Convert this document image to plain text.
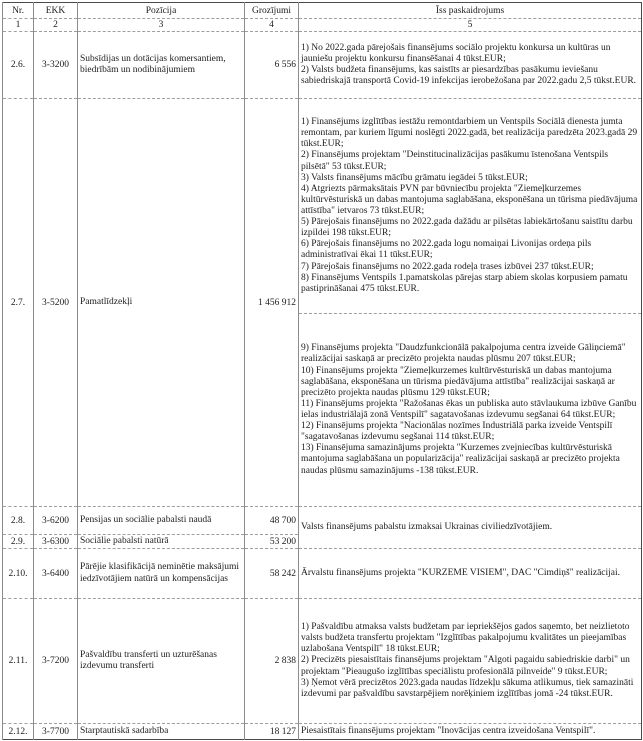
Nr.	EKK	Pozīcija	Grozījumi	Īss paskaidrojums
1	2	3	4	5
2.6.	3-3200	Subsīdijas un dotācijas komersantiem, biedrībām un nodibinājumiem	6 556	1) No 2022.gada pārejošais finansējums sociālo projektu konkursa un kultūras un jauniešu projektu konkursu finansēšanai 4 tūkst.EUR;
2) Valsts budžeta finansējums, kas saistīts ar piesardzības pasākumu ieviešanu sabiedriskajā transportā Covid-19 infekcijas ierobežošana par 2022.gadu 2,5 tūkst.EUR.

2.7.	3-5200	Pamatlīdzekļi	1 456 912	
1) Finansējums izglītības iestāžu remontdarbiem un Ventspils Sociālā dienesta jumta remontam, par kuriem līgumi noslēgti 2022.gadā, bet realizācija paredzēta 2023.gadā 29 tūkst.EUR;
2) Finansējums projektam "Deinstitucinalizācijas pasākumu īstenošana Ventspils pilsētā" 53 tūkst.EUR;
3) Valsts finansējums mācību grāmatu iegādei 5 tūkst.EUR;
4) Atgriezts pārmaksātais PVN par būvniecību projekta "Ziemeļkurzemes kultūrvēsturiskā un dabas mantojuma saglabāšana, eksponēšana un tūrisma piedāvājuma attīstība" ietvaros 73 tūkst.EUR;
5) Pārejošais finansējums no 2022.gada dažādu ar pilsētas labiekārtošanu saistītu darbu izpildei 198 tūkst.EUR;
6) Pārejošais finansējums no 2022.gada logu nomaiņai Livonijas ordeņa pils administratīvai ēkai 11 tūkst.EUR;
7) Pārejošais finansējums no 2022.gada rodeļa trases izbūvei 237 tūkst.EUR;
8) Finansējums Ventspils 1.pamatskolas pārejas starp abiem skolas korpusiem pamatu pastiprināšanai 475 tūkst.EUR.

				9) Finansējums projekta "Daudzfunkcionālā pakalpojuma centra izveide Gāliņciemā" realizācijai saskaņā ar precizēto projekta naudas plūsmu 207 tūkst.EUR;
10) Finansējums projekta "Ziemeļkurzemes kultūrvēsturiskā un dabas mantojuma saglabāšana, eksponēšana un tūrisma piedāvājuma attīstība" realizācijai saskaņā ar precizēto projekta naudas plūsmu 129 tūkst.EUR;
11) Finansējums projekta "Ražošanas ēkas un publiska auto stāvlaukuma izbūve Ganību ielas industriālajā zonā Ventspilī" sagatavošanas izdevumu segšanai 64 tūkst.EUR;
12) Finansējums projekta "Nacionālas nozīmes Industriālā parka izveide Ventspilī "sagatavošanas izdevumu segšanai 114 tūkst.EUR;
13) Finansējuma samazinājums projekta "Kurzemes zvejniecības kultūrvēsturiskā mantojuma saglabāšana un popularizācija" realizācijai saskaņā ar precizēto projekta naudas plūsmu samazinājums -138 tūkst.EUR.

2.8.	3-6200	Pensijas un sociālie pabalsti naudā	48 700	Valsts finansējums pabalstu izmaksai Ukrainas civiliedzīvotājiem.

2.9.	3-6300	Sociālie pabalsti natūrā	53 200	
2.10.	3-6400	Pārējie klasifikācijā neminētie maksājumi iedzīvotājiem natūrā un kompensācijas	58 242	Ārvalstu finansējums projekta "KURZEME VISIEM", DAC "Cimdiņš" realizācijai.

2.11.	3-7200	Pašvaldību transferti un uzturēšanas izdevumu transferti	2 838	1) Pašvaldību atmaksa valsts budžetam par iepriekšējos gados saņemto, bet neizlietoto valsts budžeta transfertu projektam "Izglītības pakalpojumu kvalitātes un pieejamības uzlabošana Ventspilī" 18 tūkst.EUR;
2) Precizēts piesaistītais finansējums projektam "Algoti pagaidu sabiedriskie darbi" un projektam "Pieaugušo izglītības speciālistu profesionālā pilnveide" 9 tūkst.EUR;
3) Ņemot vērā precizētos 2023.gada naudas līdzekļu sākuma atlikumus, tiek samazināti izdevumi par pašvaldību savstarpējiem norēķiniem izglītības jomā -24 tūkst.EUR.

2.12.	3-7700	Starptautiskā sadarbība	18 127	Piesaistītais finansējums projektam "Inovācijas centra izveidošana Ventspilī".
